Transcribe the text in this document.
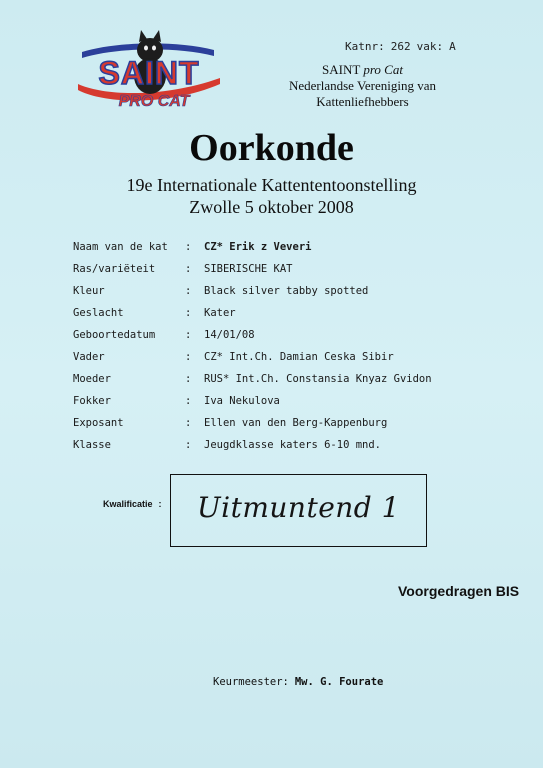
SAINT
PRO CAT
Katnr: 262 vak: A
SAINT pro Cat
Nederlandse Vereniging van
Kattenliefhebbers
Oorkonde
19e Internationale Kattententoonstelling
Zwolle 5 oktober 2008
Naam van de kat : CZ* Erik z Veveri
Ras/variëteit	: SIBERISCHE KAT
Kleur	: Black silver tabby spotted
Geslacht	: Kater
Geboortedatum	: 14/01/08
Vader	: CZ* Int.Ch. Damian Ceska Sibir
Moeder	: RUS* Int.Ch. Constansia Knyaz Gvidon
Fokker	: Iva Nekulova
Exposant	: Ellen van den Berg-Kappenburg
Klasse	: Jeugdklasse katers 6-10 mnd.
Kwalificatie :	Uitmuntend 1
Voorgedragen BIS
Keurmeester: Mw. G. Fourate
